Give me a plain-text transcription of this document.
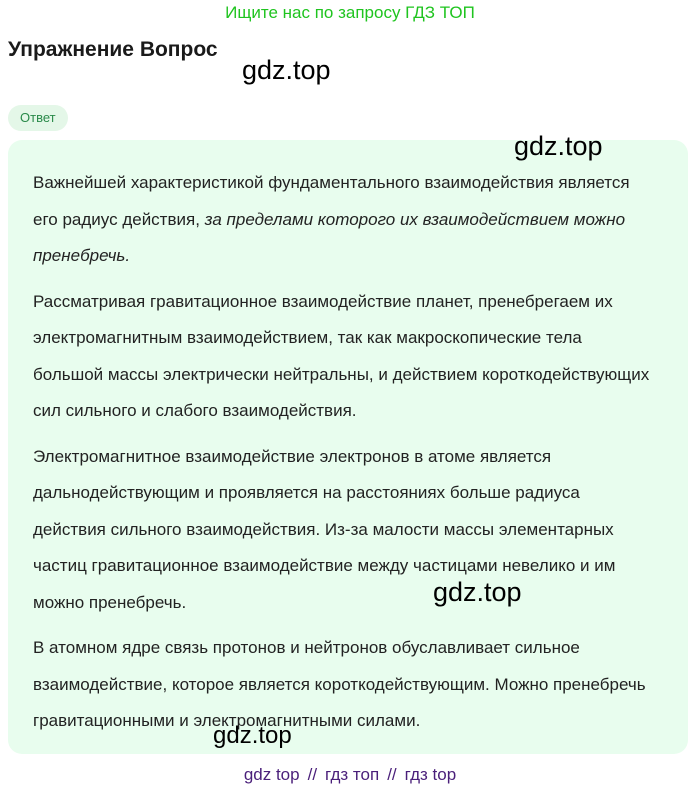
Ищите нас по запросу ГДЗ ТОП
Упражнение Вопрос
gdz.top
Ответ
gdz.top

Важнейшей характеристикой фундаментального взаимодействия является его радиус действия, за пределами которого их взаимодействием можно пренебречь.

Рассматривая гравитационное взаимодействие планет, пренебрегаем их электромагнитным взаимодействием, так как макроскопические тела большой массы электрически нейтральны, и действием короткодействующих сил сильного и слабого взаимодействия.

Электромагнитное взаимодействие электронов в атоме является дальнодействующим и проявляется на расстояниях больше радиуса действия сильного взаимодействия. Из-за малости массы элементарных частиц гравитационное взаимодействие между частицами невелико и им можно пренебречь.

В атомном ядре связь протонов и нейтронов обуславливает сильное взаимодействие, которое является короткодействующим. Можно пренебречь гравитационными и электромагнитными силами.

gdz.top
gdz.top
gdz top // гдз топ // гдз top
